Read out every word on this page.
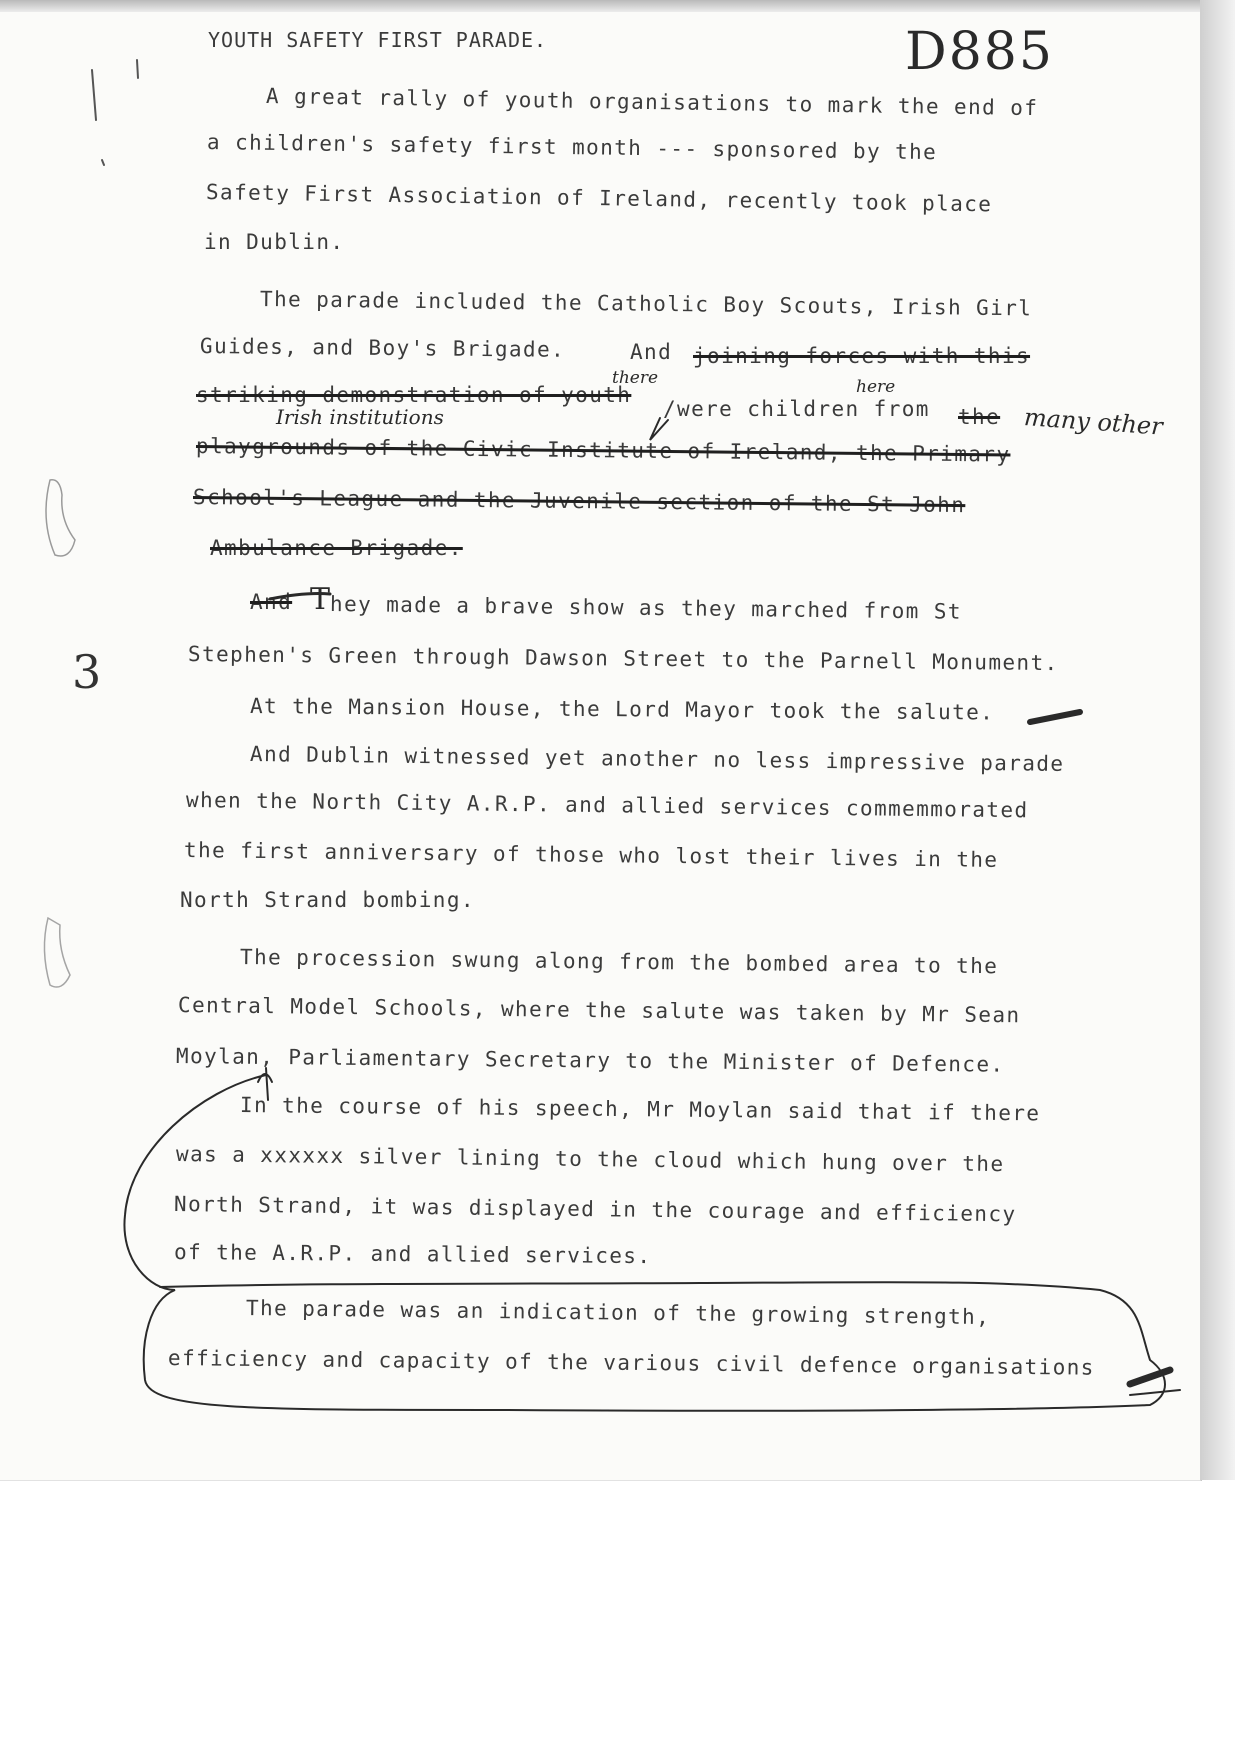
YOUTH SAFETY FIRST PARADE.	D885
A great rally of youth organisations to mark the end of
a children's safety first month --- sponsored by the
Safety First Association of Ireland, recently took place
in Dublin.
The parade included the Catholic Boy Scouts, Irish Girl
Guides, and Boy's Brigade.	And joining forces with this
striking demonstration of youth
/were children from the
playgrounds of the Civic Institute of Ireland, the Primary
School's League and the Juvenile section of the St John
Ambulance Brigade.
there	here
many other
Irish institutions
And T hey made a brave show as they marched from St
Stephen's Green through Dawson Street to the Parnell Monument.
At the Mansion House, the Lord Mayor took the salute.
And Dublin witnessed yet another no less impressive parade
when the North City A.R.P. and allied services commemmorated
the first anniversary of those who lost their lives in the
North Strand bombing.
The procession swung along from the bombed area to the
Central Model Schools, where the salute was taken by Mr Sean
Moylan, Parliamentary Secretary to the Minister of Defence.
In the course of his speech, Mr Moylan said that if there
was a xxxxxx silver lining to the cloud which hung over the
North Strand, it was displayed in the courage and efficiency
of the A.R.P. and allied services.
The parade was an indication of the growing strength,
efficiency and capacity of the various civil defence organisations
3
